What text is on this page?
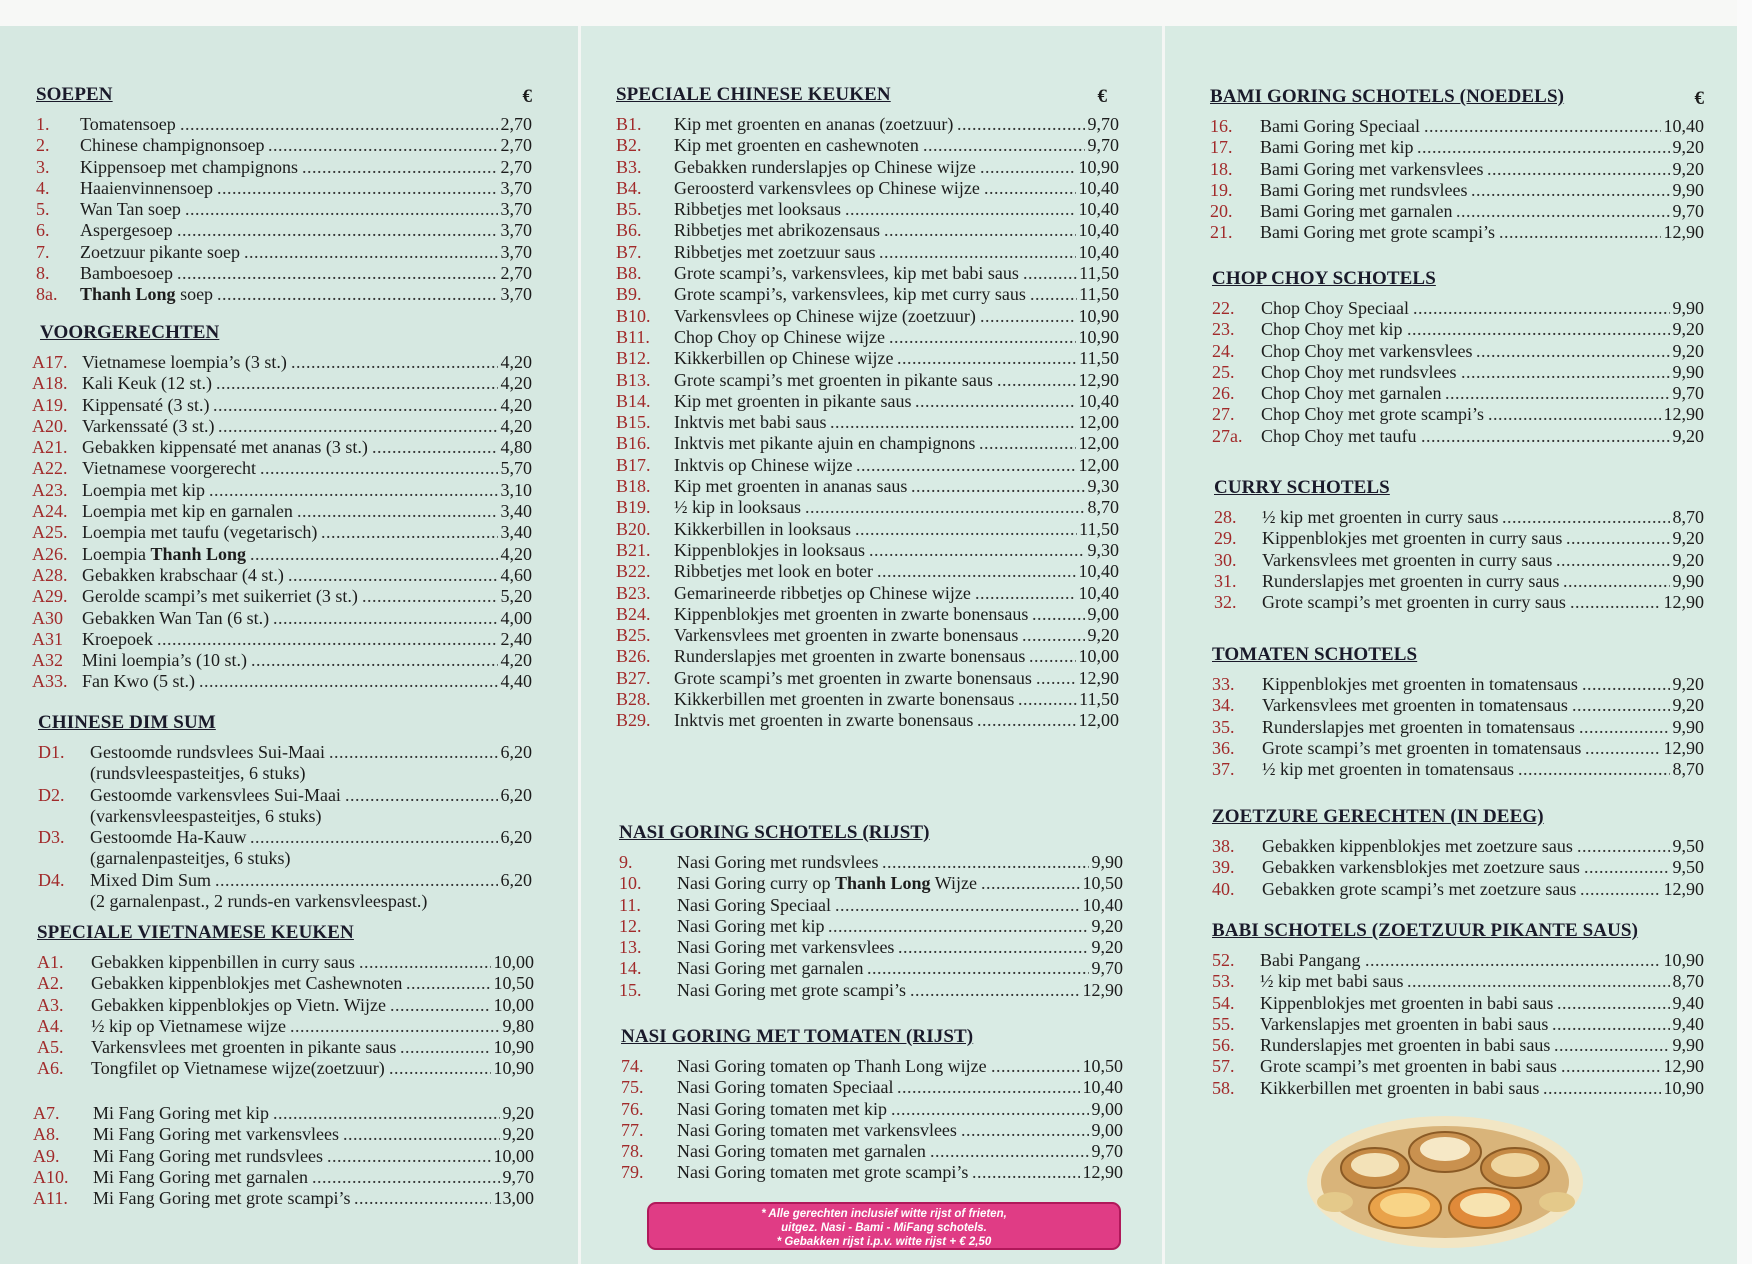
SOEPEN	€
1. Tomatensoep .....	2,70
2. Chinese champignonsoep .....	2,70
3. Kippensoep met champignons .....	2,70
4. Haaienvinnensoep .....	3,70
5. Wan Tan soep .....	3,70
6. Aspergesoep .....	3,70
7. Zoetzuur pikante soep .....	3,70
8. Bamboesoep .....	2,70
8a. Thanh Long soep .....	3,70
VOORGERECHTEN
A17. Vietnamese loempia’s (3 st.) .....	4,20
A18. Kali Keuk (12 st.) .....	4,20
A19. Kippensaté (3 st.) .....	4,20
A20. Varkenssaté (3 st.) .....	4,20
A21. Gebakken kippensaté met ananas (3 st.) .....	4,80
A22. Vietnamese voorgerecht .....	5,70
A23. Loempia met kip .....	3,10
A24. Loempia met kip en garnalen .....	3,40
A25. Loempia met taufu (vegetarisch) .....	3,40
A26. Loempia Thanh Long .....	4,20
A28. Gebakken krabschaar (4 st.) .....	4,60
A29. Gerolde scampi’s met suikerriet (3 st.) .....	5,20
A30 Gebakken Wan Tan (6 st.) .....	4,00
A31 Kroepoek .....	2,40
A32 Mini loempia’s (10 st.) .....	4,20
A33. Fan Kwo (5 st.) .....	4,40
CHINESE DIM SUM
D1. Gestoomde rundsvlees Sui-Maai .....	6,20
(rundsvleespasteitjes, 6 stuks)
D2. Gestoomde varkensvlees Sui-Maai .....	6,20
(varkensvleespasteitjes, 6 stuks)
D3. Gestoomde Ha-Kauw .....	6,20
(garnalenpasteitjes, 6 stuks)
D4. Mixed Dim Sum .....	6,20
(2 garnalenpast., 2 runds-en varkensvleespast.)
SPECIALE VIETNAMESE KEUKEN
A1. Gebakken kippenbillen in curry saus .....	10,00
A2. Gebakken kippenblokjes met Cashewnoten .....	10,50
A3. Gebakken kippenblokjes op Vietn. Wijze .....	10,00
A4. ½ kip op Vietnamese wijze .....	9,80
A5. Varkensvlees met groenten in pikante saus .....	10,90
A6. Tongfilet op Vietnamese wijze(zoetzuur) .....	10,90
A7. Mi Fang Goring met kip .....	9,20
A8. Mi Fang Goring met varkensvlees .....	9,20
A9. Mi Fang Goring met rundsvlees .....	10,00
A10. Mi Fang Goring met garnalen .....	9,70
A11. Mi Fang Goring met grote scampi’s .....	13,00
SPECIALE CHINESE KEUKEN	€
B1. Kip met groenten en ananas (zoetzuur) .....	9,70
B2. Kip met groenten en cashewnoten .....	9,70
B3. Gebakken runderslapjes op Chinese wijze .....	10,90
B4. Geroosterd varkensvlees op Chinese wijze .....	10,40
B5. Ribbetjes met looksaus .....	10,40
B6. Ribbetjes met abrikozensaus .....	10,40
B7. Ribbetjes met zoetzuur saus .....	10,40
B8. Grote scampi’s, varkensvlees, kip met babi saus .....	11,50
B9. Grote scampi’s, varkensvlees, kip met curry saus .....	11,50
B10. Varkensvlees op Chinese wijze (zoetzuur) .....	10,90
B11. Chop Choy op Chinese wijze .....	10,90
B12. Kikkerbillen op Chinese wijze .....	11,50
B13. Grote scampi’s met groenten in pikante saus .....	12,90
B14. Kip met groenten in pikante saus .....	10,40
B15. Inktvis met babi saus .....	12,00
B16. Inktvis met pikante ajuin en champignons .....	12,00
B17. Inktvis op Chinese wijze .....	12,00
B18. Kip met groenten in ananas saus .....	9,30
B19. ½ kip in looksaus .....	8,70
B20. Kikkerbillen in looksaus .....	11,50
B21. Kippenblokjes in looksaus .....	9,30
B22. Ribbetjes met look en boter .....	10,40
B23. Gemarineerde ribbetjes op Chinese wijze .....	10,40
B24. Kippenblokjes met groenten in zwarte bonensaus .....	9,00
B25. Varkensvlees met groenten in zwarte bonensaus .....	9,20
B26. Runderslapjes met groenten in zwarte bonensaus .....	10,00
B27. Grote scampi’s met groenten in zwarte bonensaus .....	12,90
B28. Kikkerbillen met groenten in zwarte bonensaus .....	11,50
B29. Inktvis met groenten in zwarte bonensaus .....	12,00
NASI GORING SCHOTELS (RIJST)
9. Nasi Goring met rundsvlees .....	9,90
10. Nasi Goring curry op Thanh Long Wijze .....	10,50
11. Nasi Goring Speciaal .....	10,40
12. Nasi Goring met kip .....	9,20
13. Nasi Goring met varkensvlees .....	9,20
14. Nasi Goring met garnalen .....	9,70
15. Nasi Goring met grote scampi’s .....	12,90
NASI GORING MET TOMATEN (RIJST)
74. Nasi Goring tomaten op Thanh Long wijze .....	10,50
75. Nasi Goring tomaten Speciaal .....	10,40
76. Nasi Goring tomaten met kip .....	9,00
77. Nasi Goring tomaten met varkensvlees .....	9,00
78. Nasi Goring tomaten met garnalen .....	9,70
79. Nasi Goring tomaten met grote scampi’s .....	12,90
* Alle gerechten inclusief witte rijst of frieten,
uitgez. Nasi - Bami - MiFang schotels.
* Gebakken rijst i.p.v. witte rijst + € 2,50
BAMI GORING SCHOTELS (NOEDELS)	€
16. Bami Goring Speciaal .....	10,40
17. Bami Goring met kip .....	9,20
18. Bami Goring met varkensvlees .....	9,20
19. Bami Goring met rundsvlees .....	9,90
20. Bami Goring met garnalen .....	9,70
21. Bami Goring met grote scampi’s .....	12,90
CHOP CHOY SCHOTELS
22. Chop Choy Speciaal .....	9,90
23. Chop Choy met kip .....	9,20
24. Chop Choy met varkensvlees .....	9,20
25. Chop Choy met rundsvlees .....	9,90
26. Chop Choy met garnalen .....	9,70
27. Chop Choy met grote scampi’s .....	12,90
27a. Chop Choy met taufu .....	9,20
CURRY SCHOTELS
28. ½ kip met groenten in curry saus .....	8,70
29. Kippenblokjes met groenten in curry saus .....	9,20
30. Varkensvlees met groenten in curry saus .....	9,20
31. Runderslapjes met groenten in curry saus .....	9,90
32. Grote scampi’s met groenten in curry saus .....	12,90
TOMATEN SCHOTELS
33. Kippenblokjes met groenten in tomatensaus .....	9,20
34. Varkensvlees met groenten in tomatensaus .....	9,20
35. Runderslapjes met groenten in tomatensaus .....	9,90
36. Grote scampi’s met groenten in tomatensaus .....	12,90
37. ½ kip met groenten in tomatensaus .....	8,70
ZOETZURE GERECHTEN (IN DEEG)
38. Gebakken kippenblokjes met zoetzure saus .....	9,50
39. Gebakken varkensblokjes met zoetzure saus .....	9,50
40. Gebakken grote scampi’s met zoetzure saus .....	12,90
BABI SCHOTELS (ZOETZUUR PIKANTE SAUS)
52. Babi Pangang .....	10,90
53. ½ kip met babi saus .....	8,70
54. Kippenblokjes met groenten in babi saus .....	9,40
55. Varkenslapjes met groenten in babi saus .....	9,40
56. Runderslapjes met groenten in babi saus .....	9,90
57. Grote scampi’s met groenten in babi saus .....	12,90
58. Kikkerbillen met groenten in babi saus .....	10,90
